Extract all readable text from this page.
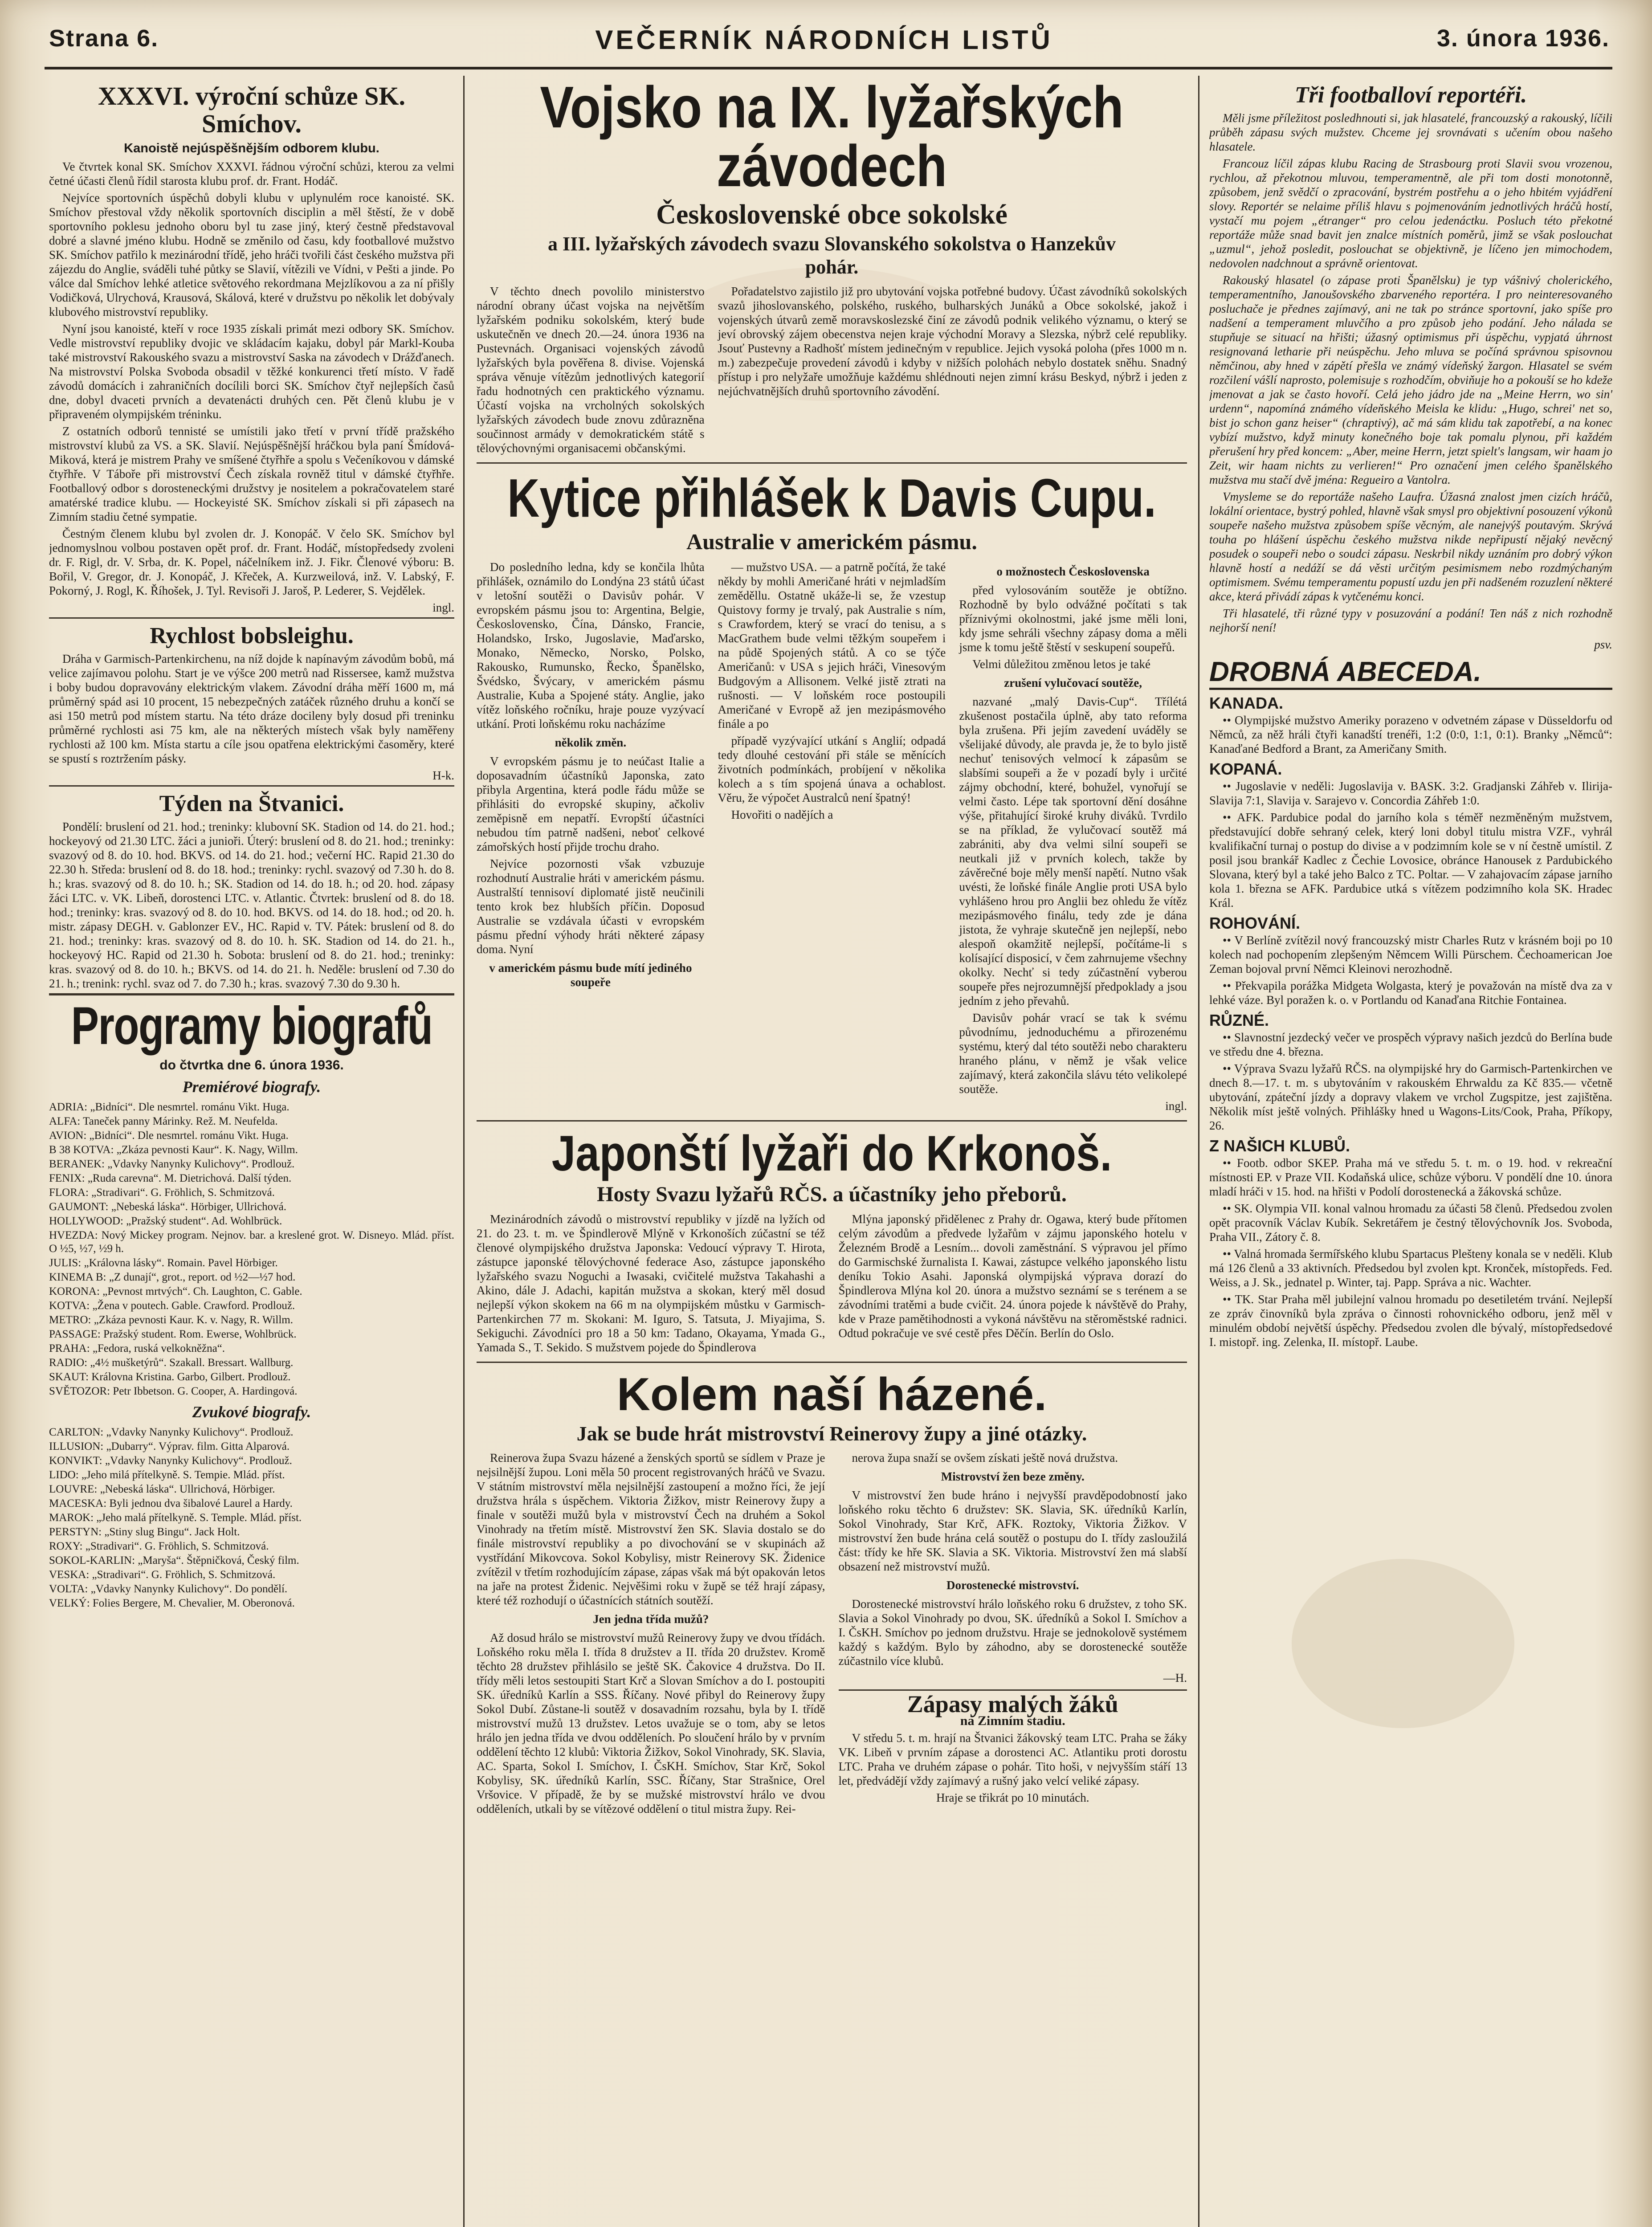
Strana 6.	VEČERNÍK NÁRODNÍCH LISTŮ	3. února 1936.
XXXVI. výroční schůze SK. Smíchov.
Kanoistě nejúspěšnějším odborem klubu.

Ve čtvrtek konal SK. Smíchov XXXVI. řádnou výroční schůzi, kterou za velmi četné účasti členů řídil starosta klubu prof. dr. Frant. Hodáč.

Nejvíce sportovních úspěchů dobyli klubu v uplynulém roce kanoisté. SK. Smíchov přestoval vždy několik sportovních disciplin a měl štěstí, že v době sportovního poklesu jednoho oboru byl tu zase jiný, který čestně představoval dobré a slavné jméno klubu. Hodně se změnilo od času, kdy footballové mužstvo SK. Smíchov patřilo k mezinárodní třídě, jeho hráči tvořili část českého mužstva při zájezdu do Anglie, sváděli tuhé půtky se Slavií, vítězili ve Vídni, v Pešti a jinde. Po válce dal Smíchov lehké atletice světového rekordmana Mejzlíkovou a za ní přišly Vodičková, Ulrychová, Krausová, Skálová, které v družstvu po několik let dobývaly klubového mistrovství republiky.

Nyní jsou kanoisté, kteří v roce 1935 získali primát mezi odbory SK. Smíchov. Vedle mistrovství republiky dvojic ve skládacím kajaku, dobyl pár Markl-Kouba také mistrovství Rakouského svazu a mistrovství Saska na závodech v Drážďanech. Na mistrovství Polska Svoboda obsadil v těžké konkurenci třetí místo. V řadě závodů domácích i zahraničních docílili borci SK. Smíchov čtyř nejlepších časů dne, dobyl dvaceti prvních a devatenácti druhých cen. Pět členů klubu je v připraveném olympijském tréninku.

Z ostatních odborů tennisté se umístili jako třetí v první třídě pražského mistrovství klubů za VS. a SK. Slavií. Nejúspěšnější hráčkou byla paní Šmídová-Miková, která je mistrem Prahy ve smíšené čtyřhře a spolu s Večeníkovou v dámské čtyřhře. V Táboře při mistrovství Čech získala rovněž titul v dámské čtyřhře. Footballový odbor s dorosteneckými družstvy je nositelem a pokračovatelem staré amatérské tradice klubu. — Hockeyisté SK. Smíchov získali si při zápasech na Zimním stadiu četné sympatie.

Čestným členem klubu byl zvolen dr. J. Konopáč. V čelo SK. Smíchov byl jednomyslnou volbou postaven opět prof. dr. Frant. Hodáč, místopředsedy zvoleni dr. F. Rigl, dr. V. Srba, dr. K. Popel, náčelníkem inž. J. Fikr. Členové výboru: B. Bořil, V. Gregor, dr. J. Konopáč, J. Křeček, A. Kurzweilová, inž. V. Labský, F. Pokorný, J. Rogl, K. Říhošek, J. Tyl. Revisoři J. Jaroš, P. Lederer, S. Vejdělek.

ingl.

Rychlost bobsleighu.

Dráha v Garmisch-Partenkirchenu, na níž dojde k napínavým závodům bobů, má velice zajímavou polohu. Start je ve výšce 200 metrů nad Rissersee, kamž mužstva i boby budou dopravovány elektrickým vlakem. Závodní dráha měří 1600 m, má průměrný spád asi 10 procent, 15 nebezpečných zatáček různého druhu a končí se asi 150 metrů pod místem startu. Na této dráze docileny byly dosud při treninku průměrné rychlosti asi 75 km, ale na některých místech však byly naměřeny rychlosti až 100 km. Místa startu a cíle jsou opatřena elektrickými časoměry, které se spustí s roztržením pásky.

H-k.

Týden na Štvanici.

Pondělí: bruslení od 21. hod.; treninky: klubovní SK. Stadion od 14. do 21. hod.; hockeyový od 21.30 LTC. žáci a junioři. Úterý: bruslení od 8. do 21. hod.; treninky: svazový od 8. do 10. hod. BKVS. od 14. do 21. hod.; večerní HC. Rapid 21.30 do 22.30 h. Středa: bruslení od 8. do 18. hod.; treninky: rychl. svazový od 7.30 h. do 8. h.; kras. svazový od 8. do 10. h.; SK. Stadion od 14. do 18. h.; od 20. hod. zápasy žáci LTC. v. VK. Libeň, dorostenci LTC. v. Atlantic. Čtvrtek: bruslení od 8. do 18. hod.; treninky: kras. svazový od 8. do 10. hod. BKVS. od 14. do 18. hod.; od 20. h. mistr. zápasy DEGH. v. Gablonzer EV., HC. Rapid v. TV. Pátek: bruslení od 8. do 21. hod.; treninky: kras. svazový od 8. do 10. h. SK. Stadion od 14. do 21. h., hockeyový HC. Rapid od 21.30 h. Sobota: bruslení od 8. do 21. hod.; treninky: kras. svazový od 8. do 10. h.; BKVS. od 14. do 21. h. Neděle: bruslení od 7.30 do 21. h.; trenink: rychl. svaz od 7. do 7.30 h.; kras. svazový 7.30 do 9.30 h.

Programy biografů
do čtvrtka dne 6. února 1936.
Premiérové biografy.

ADRIA: „Bidníci“. Dle nesmrtel. románu Vikt. Huga.

ALFA: Taneček panny Márinky. Rež. M. Neufelda.

AVION: „Bidníci“. Dle nesmrtel. románu Vikt. Huga.

B 38 KOTVA: „Zkáza pevnosti Kaur“. K. Nagy, Willm.

BERANEK: „Vdavky Nanynky Kulichovy“. Prodlouž.

FENIX: „Ruda carevna“. M. Dietrichová. Další týden.

FLORA: „Stradivari“. G. Fröhlich, S. Schmitzová.

GAUMONT: „Nebeská láska“. Hörbiger, Ullrichová.

HOLLYWOOD: „Pražský student“. Ad. Wohlbrück.

HVEZDA: Nový Mickey program. Nejnov. bar. a kreslené grot. W. Disneyo. Mlád. příst. O ½5, ½7, ½9 h.

JULIS: „Královna lásky“. Romain. Pavel Hörbiger.

KINEMA B: „Z dunají“, grot., report. od ½2—½7 hod.

KORONA: „Pevnost mrtvých“. Ch. Laughton, C. Gable.

KOTVA: „Žena v poutech. Gable. Crawford. Prodlouž.

METRO: „Zkáza pevnosti Kaur. K. v. Nagy, R. Willm.

PASSAGE: Pražský student. Rom. Ewerse, Wohlbrück.

PRAHA: „Fedora, ruská velkokněžna“.

RADIO: „4½ mušketýrů“. Szakall. Bressart. Wallburg.

SKAUT: Královna Kristina. Garbo, Gilbert. Prodlouž.

SVĚTOZOR: Petr Ibbetson. G. Cooper, A. Hardingová.

Zvukové biografy.

CARLTON: „Vdavky Nanynky Kulichovy“. Prodlouž.

ILLUSION: „Dubarry“. Výprav. film. Gitta Alparová.

KONVIKT: „Vdavky Nanynky Kulichovy“. Prodlouž.

LIDO: „Jeho milá přítelkyně. S. Tempie. Mlád. příst.

LOUVRE: „Nebeská láska“. Ullrichová, Hörbiger.

MACESKA: Byli jednou dva šibalové Laurel a Hardy.

MAROK: „Jeho malá přítelkyně. S. Temple. Mlád. příst.

PERSTYN: „Stiny slug Bingu“. Jack Holt.

ROXY: „Stradivari“. G. Fröhlich, S. Schmitzová.

SOKOL-KARLIN: „Maryša“. Štěpničková, Český film.

VESKA: „Stradivari“. G. Fröhlich, S. Schmitzová.

VOLTA: „Vdavky Nanynky Kulichovy“. Do pondělí.

VELKÝ: Folies Bergere, M. Chevalier, M. Oberonová.

Vojsko na IX. lyžařských závodech
Československé obce sokolské
a III. lyžařských závodech svazu Slovanského sokolstva o Hanzekův pohár.

V těchto dnech povolilo ministerstvo národní obrany účast vojska na největším lyžařském podniku sokolském, který bude uskutečněn ve dnech 20.—24. února 1936 na Pustevnách. Organisaci vojenských závodů lyžařských byla pověřena 8. divise. Vojenská správa věnuje vítězům jednotlivých kategorií řadu hodnotných cen praktického významu. Účastí vojska na vrcholných sokolských lyžařských závodech bude znovu zdůrazněna součinnost armády v demokratickém státě s tělovýchovnými organisacemi občanskými.

Pořadatelstvo zajistilo již pro ubytování vojska potřebné budovy. Účast závodníků sokolských svazů jihoslovanského, polského, ruského, bulharských Junáků a Obce sokolské, jakož i vojenských útvarů země moravskoslezské činí ze závodů podnik velikého významu, o který se jeví obrovský zájem obecenstva nejen kraje východní Moravy a Slezska, nýbrž celé republiky. Jsouť Pustevny a Radhošť místem jedinečným v republice. Jejich vysoká poloha (přes 1000 m n. m.) zabezpečuje provedení závodů i kdyby v nižších polohách nebylo dostatek sněhu. Snadný přístup i pro nelyžaře umožňuje každému shlédnouti nejen zimní krásu Beskyd, nýbrž i jeden z nejúchvatnějších druhů sportovního závodění.

Kytice přihlášek k Davis Cupu.
Australie v americkém pásmu.

Do posledního ledna, kdy se končila lhůta přihlášek, oznámilo do Londýna 23 států účast v letošní soutěži o Davisův pohár. V evropském pásmu jsou to: Argentina, Belgie, Československo, Čína, Dánsko, Francie, Holandsko, Irsko, Jugoslavie, Maďarsko, Monako, Německo, Norsko, Polsko, Rakousko, Rumunsko, Řecko, Španělsko, Švédsko, Švýcary, v americkém pásmu Australie, Kuba a Spojené státy. Anglie, jako vítěz loňského ročníku, hraje pouze vyzývací utkání. Proti loňskému roku nacházíme

několik změn.

V evropském pásmu je to neúčast Italie a doposavadním účastníků Japonska, zato přibyla Argentina, která podle řádu může se přihlásiti do evropské skupiny, ačkoliv zeměpisně em nepatří. Evropští účastníci nebudou tím patrně nadšeni, neboť celkové zámořských hostí přijde trochu draho.

Nejvíce pozornosti však vzbuzuje rozhodnutí Australie hráti v americkém pásmu. Australští tennisoví diplomaté jistě neučinili tento krok bez hlubších příčin. Doposud Australie se vzdávala účasti v evropském pásmu přední výhody hráti některé zápasy doma. Nyní

v americkém pásmu bude mítí jediného soupeře

— mužstvo USA. — a patrně počítá, že také někdy by mohli Američané hráti v nejmladším zeměděllu. Ostatně ukáže-li se, že vzestup Quistovy formy je trvalý, pak Australie s ním, s Crawfordem, který se vrací do tenisu, a s MacGrathem bude velmi těžkým soupeřem i na půdě Spojených států. A co se týče Američanů: v USA s jejich hráči, Vinesovým Budgovým a Allisonem. Velké jistě ztrati na rušnosti. — V loňském roce postoupili Američané v Evropě až jen mezipásmového finále a po

případě vyzývající utkání s Anglií; odpadá tedy dlouhé cestování při stále se měnících životních podmínkách, probíjení v několika kolech a s tím spojená únava a ochablost. Věru, že výpočet Australců není špatný!

Hovořiti o nadějích a

o možnostech Československa

před vylosováním soutěže je obtížno. Rozhodně by bylo odvážné počítati s tak příznivými okolnostmi, jaké jsme měli loni, kdy jsme sehráli všechny zápasy doma a měli jsme k tomu ještě štěstí v seskupení soupeřů.

Velmi důležitou změnou letos je také

zrušení vylučovací soutěže,

nazvané „malý Davis-Cup“. Třílétá zkušenost postačila úplně, aby tato reforma byla zrušena. Při jejím zavedení uváděly se všelijaké důvody, ale pravda je, že to bylo jistě nechuť tenisových velmocí k zápasům se slabšími soupeři a že v pozadí byly i určité zájmy obchodní, které, bohužel, vynořují se velmi často. Lépe tak sportovní dění dosáhne výše, přitahující široké kruhy diváků. Tvrdilo se na příklad, že vylučovací soutěž má zabrániti, aby dva velmi silní soupeři se neutkali již v prvních kolech, takže by závěrečné boje měly menší napětí. Nutno však uvésti, že loňské finále Anglie proti USA bylo vyhlášeno hrou pro Anglii bez ohledu že vítěz mezipásmového finálu, tedy zde je dána jistota, že vyhraje skutečně jen nejlepší, nebo alespoň okamžitě nejlepší, počítáme-li s kolísající disposicí, v čem zahrnujeme všechny okolky. Nechť si tedy zúčastnění vyberou soupeře přes nejrozumnější předpoklady a jsou jedním z jeho převahů.

Davisův pohár vrací se tak k svému původnímu, jednoduchému a přirozenému systému, který dal této soutěži nebo charakteru hraného plánu, v němž je však velice zajímavý, která zakončila slávu této velikolepé soutěže.

ingl.

Japonští lyžaři do Krkonoš.
Hosty Svazu lyžařů RČS. a účastníky jeho přeborů.

Mezinárodních závodů o mistrovství republiky v jízdě na lyžích od 21. do 23. t. m. ve Špindlerově Mlýně v Krkonoších zúčastní se též členové olympijského družstva Japonska: Vedoucí výpravy T. Hirota, zástupce japonské tělovýchovné federace Aso, zástupce japonského lyžařského svazu Noguchi a Iwasaki, cvičitelé mužstva Takahashi a Akino, dále J. Adachi, kapitán mužstva a skokan, který měl dosud nejlepší výkon skokem na 66 m na olympijském můstku v Garmisch-Partenkirchen 77 m. Skokani: M. Iguro, S. Tatsuta, J. Miyajima, S. Sekiguchi. Závodníci pro 18 a 50 km: Tadano, Okayama, Ymada G., Yamada S., T. Sekido. S mužstvem pojede do Špindlerova

Mlýna japonský přidělenec z Prahy dr. Ogawa, který bude přítomen celým závodům a předvede lyžařům v zájmu japonského hotelu v Železném Brodě a Lesním... dovoli zaměstnání. S výpravou jel přímo do Garmischské žurnalista I. Kawai, zástupce velkého japonského listu deníku Tokio Asahi. Japonská olympijská výprava dorazí do Špindlerova Mlýna kol 20. února a mužstvo seznámí se s terénem a se závodními tratěmi a bude cvičit. 24. února pojede k návštěvě do Prahy, kde v Praze pamětihodnosti a vykoná návštěvu na stěroměstské radnici. Odtud pokračuje ve své cestě přes Děčín. Berlín do Oslo.

Kolem naší házené.
Jak se bude hrát mistrovství Reinerovy župy a jiné otázky.

Reinerova župa Svazu házené a ženských sportů se sídlem v Praze je nejsilnější župou. Loni měla 50 procent registrovaných hráčů ve Svazu. V státním mistrovství měla nejsilnější zastoupení a možno říci, že její družstva hrála s úspěchem. Viktoria Žižkov, mistr Reinerovy župy a finale v soutěži mužů byla v mistrovství Čech na druhém a Sokol Vinohrady na třetím místě. Mistrovství žen SK. Slavia dostalo se do finále mistrovství republiky a po divochování se v skupinách až vystřídání Mikovcova. Sokol Kobylisy, mistr Reinerovy SK. Židenice zvítězil v třetím rozhodujícím zápase, zápas však má být opakován letos na jaře na protest Židenic. Nejvěšimi roku v župě se též hrají zápasy, které též rozhodují o účastnících státních soutěží.

Jen jedna třída mužů?

Až dosud hrálo se mistrovství mužů Reinerovy župy ve dvou třídách. Loňského roku měla I. třída 8 družstev a II. třída 20 družstev. Kromě těchto 28 družstev přihlásilo se ještě SK. Čakovice 4 družstva. Do II. třídy měli letos sestoupiti Start Krč a Slovan Smíchov a do I. postoupiti SK. úředníků Karlín a SSS. Říčany. Nové přibyl do Reinerovy župy Sokol Dubí. Zůstane-li soutěž v dosavadním rozsahu, byla by I. třídě mistrovství mužů 13 družstev. Letos uvažuje se o tom, aby se letos hrálo jen jedna třída ve dvou odděleních. Po sloučení hrálo by v prvním oddělení těchto 12 klubů: Viktoria Žižkov, Sokol Vinohrady, SK. Slavia, AC. Sparta, Sokol I. Smíchov, I. ČsKH. Smíchov, Star Krč, Sokol Kobylisy, SK. úředníků Karlín, SSC. Říčany, Star Strašnice, Orel Vršovice. V případě, že by se mužské mistrovství hrálo ve dvou odděleních, utkali by se vítězové oddělení o titul mistra župy. Rei-

nerova župa snaží se ovšem získati ještě nová družstva.

Mistrovství žen beze změny.

V mistrovství žen bude hráno i nejvyšší pravděpodobností jako loňského roku těchto 6 družstev: SK. Slavia, SK. úředníků Karlín, Sokol Vinohrady, Star Krč, AFK. Roztoky, Viktoria Žižkov. V mistrovství žen bude hrána celá soutěž o postupu do I. třídy zasloužilá část: třídy ke hře SK. Slavia a SK. Viktoria. Mistrovství žen má slabší obsazení než mistrovství mužů.

Dorostenecké mistrovství.

Dorostenecké mistrovství hrálo loňského roku 6 družstev, z toho SK. Slavia a Sokol Vinohrady po dvou, SK. úředníků a Sokol I. Smíchov a I. ČsKH. Smíchov po jednom družstvu. Hraje se jednokolově systémem každý s každým. Bylo by záhodno, aby se dorostenecké soutěže zúčastnilo více klubů.

—H.

Zápasy malých žáků
na Zimním stadiu.

V středu 5. t. m. hrají na Štvanici žákovský team LTC. Praha se žáky VK. Libeň v prvním zápase a dorostenci AC. Atlantiku proti dorostu LTC. Praha ve druhém zápase o pohár. Tito hoši, v nejvyšším stáří 13 let, předvádějí vždy zajímavý a rušný jako velcí veliké zápasy.

Hraje se třikrát po 10 minutách.

Tři footballoví reportéři.

Měli jsme příležitost posledhnouti si, jak hlasatelé, francouzský a rakouský, líčili průběh zápasu svých mužstev. Chceme jej srovnávati s učením obou našeho hlasatele.

Francouz líčil zápas klubu Racing de Strasbourg proti Slavii svou vrozenou, rychlou, až překotnou mluvou, temperamentně, ale při tom dosti monotonně, způsobem, jenž svědčí o zpracování, bystrém postřehu a o jeho hbitém vyjádření slovy. Reportér se nelaime příliš hlavu s pojmenováním jednotlivých hráčů hostí, vystačí mu pojem „étranger“ pro celou jedenáctku. Posluch této překotné reportáže může snad bavit jen znalce místních poměrů, jimž se však poslouchat „uzmul“, jehož posledit, poslouchat se objektivně, je líčeno jen mimochodem, nedovolen nadchnout a správně orientovat.

Rakouský hlasatel (o zápase proti Španělsku) je typ vášnivý cholerického, temperamentního, Janoušovského zbarveného reportéra. I pro neinteresovaného posluchače je přednes zajímavý, ani ne tak po stránce sportovní, jako spíše pro nadšení a temperament mluvčího a pro způsob jeho podání. Jeho nálada se stupňuje se situací na hřišti; úžasný optimismus při úspěchu, vypjatá úhrnost resignovaná letharie při neúspěchu. Jeho mluva se počíná správnou spisovnou němčinou, aby hned v zápětí přešla ve známý vídeňský žargon. Hlasatel se svém rozčilení vášlí naprosto, polemisuje s rozhodčím, obviňuje ho a pokouší se ho kdeže jmenovat a jak se často hovoří. Celá jeho jádro jde na „Meine Herrn, wo sin' urdenn“, napomíná známého vídeňského Meisla ke klidu: „Hugo, schrei' net so, bist jo schon ganz heiser“ (chraptivý), ač má sám klidu tak zapotřebí, a na konec vybízí mužstvo, když minuty konečného boje tak pomalu plynou, při každém přerušení hry před koncem: „Aber, meine Herrn, jetzt spielt's langsam, wir haam jo Zeit, wir haam nichts zu verlieren!“ Pro označení jmen celého španělského mužstva mu stačí dvě jména: Regueiro a Vantolra.

Vmysleme se do reportáže našeho Laufra. Úžasná znalost jmen cizích hráčů, lokální orientace, bystrý pohled, hlavně však smysl pro objektivní posouzení výkonů soupeře našeho mužstva způsobem spíše věcným, ale nanejvýš poutavým. Skrývá touha po hlášení úspěchu českého mužstva nikde nepřipustí nějaký nevěcný posudek o soupeři nebo o soudci zápasu. Neskrbil nikdy uznáním pro dobrý výkon hlavně hostí a nedáží se dá věsti určitým pesimismem nebo rozdmýchaným optimismem. Svému temperamentu popustí uzdu jen při nadšeném rozuzlení některé akce, která přivádí zápas k vytčenému konci.

Tři hlasatelé, tři různé typy v posuzování a podání! Ten náš z nich rozhodně nejhorší není!

psv.

DROBNÁ ABECEDA.
KANADA.

•• Olympijské mužstvo Ameriky porazeno v odvetném zápase v Düsseldorfu od Němců, za něž hráli čtyři kanadští trenéři, 1:2 (0:0, 1:1, 0:1). Branky „Němců“: Kanaďané Bedford a Brant, za Američany Smith.

KOPANÁ.

•• Jugoslavie v neděli: Jugoslavija v. BASK. 3:2. Gradjanski Záhřeb v. Ilirija-Slavija 7:1, Slavija v. Sarajevo v. Concordia Záhřeb 1:0.

•• AFK. Pardubice podal do jarního kola s téměř nezměněným mužstvem, představující dobře sehraný celek, který loni dobyl titulu mistra VZF., vyhrál kvalifikační turnaj o postup do divise a v podzimním kole se v ní čestně umístil. Z posil jsou brankář Kadlec z Čechie Lovosice, obránce Hanousek z Pardubického Slovana, který byl a také jeho Balco z TC. Poltar. — V zahajovacím zápase jarního kola 1. března se AFK. Pardubice utká s vítězem podzimního kola SK. Hradec Král.

ROHOVÁNÍ.

•• V Berlíně zvítězil nový francouzský mistr Charles Rutz v krásném boji po 10 kolech nad pochopením zlepšeným Němcem Willi Pürschem. Čechoamerican Joe Zeman bojoval první Němci Kleinovi nerozhodně.

•• Překvapila porážka Midgeta Wolgasta, který je považován na místě dva za v lehké váze. Byl poražen k. o. v Portlandu od Kanaďana Ritchie Fontainea.

RŮZNÉ.

•• Slavnostní jezdecký večer ve prospěch výpravy našich jezdců do Berlína bude ve středu dne 4. března.

•• Výprava Svazu lyžařů RČS. na olympijské hry do Garmisch-Partenkirchen ve dnech 8.—17. t. m. s ubytováním v rakouském Ehrwaldu za Kč 835.— včetně ubytování, zpáteční jízdy a dopravy vlakem ve vrchol Zugspitze, jest zajištěna. Několik míst ještě volných. Přihlášky hned u Wagons-Lits/Cook, Praha, Příkopy, 26.

Z NAŠICH KLUBŮ.

•• Footb. odbor SKEP. Praha má ve středu 5. t. m. o 19. hod. v rekreační místnosti EP. v Praze VII. Kodaňská ulice, schůze výboru. V pondělí dne 10. února mladí hráči v 15. hod. na hřišti v Podolí dorostenecká a žákovská schůze.

•• SK. Olympia VII. konal valnou hromadu za účasti 58 členů. Předsedou zvolen opět pracovník Václav Kubík. Sekretářem je čestný tělovýchovník Jos. Svoboda, Praha VII., Zátory č. 8.

•• Valná hromada šermířského klubu Spartacus Plešteny konala se v neděli. Klub má 126 členů a 33 aktivních. Předsedou byl zvolen kpt. Kronček, místopředs. Fed. Weiss, a J. Sk., jednatel p. Winter, taj. Papp. Správa a nic. Wachter.

•• TK. Star Praha měl jubilejní valnou hromadu po desetiletém trvání. Nejlepší ze zpráv činovníků byla zpráva o činnosti rohovnického odboru, jenž měl v minulém období největší úspěchy. Předsedou zvolen dle bývalý, místopředsedové I. mistopř. ing. Zelenka, II. místopř. Laube.
